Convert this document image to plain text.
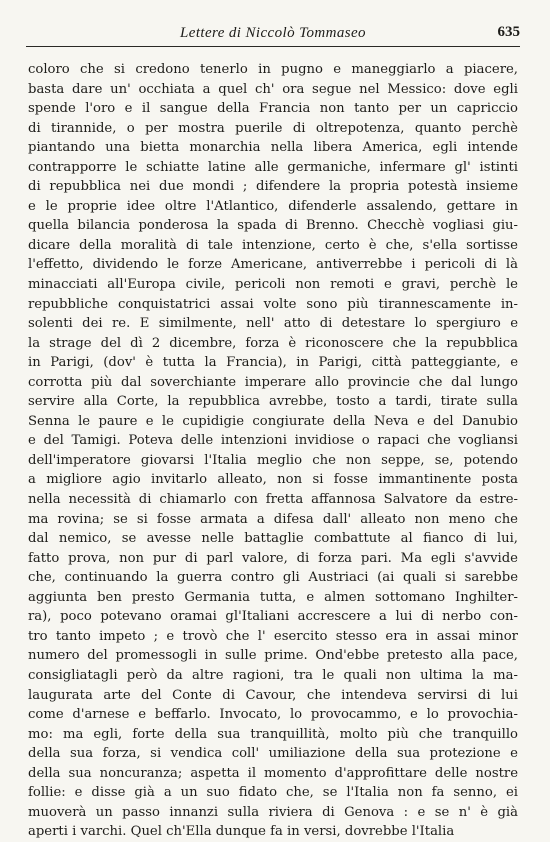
Lettere di Niccolò Tommaseo	635
coloro che si credono tenerlo in pugno e maneggiarlo a piacere,
basta dare un' occhiata a quel ch' ora segue nel Messico: dove egli
spende l'oro e il sangue della Francia non tanto per un capriccio
di tirannide, o per mostra puerile di oltrepotenza, quanto perchè
piantando una bietta monarchia nella libera America, egli intende
contrapporre le schiatte latine alle germaniche, infermare gl' istinti
di repubblica nei due mondi ; difendere la propria potestà insieme
e le proprie idee oltre l'Atlantico, difenderle assalendo, gettare in
quella bilancia ponderosa la spada di Brenno. Checchè vogliasi giu-
dicare della moralità di tale intenzione, certo è che, s'ella sortisse
l'effetto, dividendo le forze Americane, antiverrebbe i pericoli di là
minacciati all'Europa civile, pericoli non remoti e gravi, perchè le
repubbliche conquistatrici assai volte sono più tirannescamente in-
solenti dei re. E similmente, nell' atto di detestare lo spergiuro e
la strage del dì 2 dicembre, forza è riconoscere che la repubblica
in Parigi, (dov' è tutta la Francia), in Parigi, città patteggiante, e
corrotta più dal soverchiante imperare allo provincie che dal lungo
servire alla Corte, la repubblica avrebbe, tosto a tardi, tirate sulla
Senna le paure e le cupidigie congiurate della Neva e del Danubio
e del Tamigi. Poteva delle intenzioni invidiose o rapaci che vogliansi
dell'imperatore giovarsi l'Italia meglio che non seppe, se, potendo
a migliore agio invitarlo alleato, non si fosse immantinente posta
nella necessità di chiamarlo con fretta affannosa Salvatore da estre-
ma rovina; se si fosse armata a difesa dall' alleato non meno che
dal nemico, se avesse nelle battaglie combattute al fianco di lui,
fatto prova, non pur di parl valore, di forza pari. Ma egli s'avvide
che, continuando la guerra contro gli Austriaci (ai quali si sarebbe
aggiunta ben presto Germania tutta, e almen sottomano Inghilter-
ra), poco potevano oramai gl'Italiani accrescere a lui di nerbo con-
tro tanto impeto ; e trovò che l' esercito stesso era in assai minor
numero del promessogli in sulle prime. Ond'ebbe pretesto alla pace,
consigliatagli però da altre ragioni, tra le quali non ultima la ma-
laugurata arte del Conte di Cavour, che intendeva servirsi di lui
come d'arnese e beffarlo. Invocato, lo provocammo, e lo provochia-
mo: ma egli, forte della sua tranquillità, molto più che tranquillo
della sua forza, si vendica coll' umiliazione della sua protezione e
della sua noncuranza; aspetta il momento d'approfittare delle nostre
follie: e disse già a un suo fidato che, se l'Italia non fa senno, ei
muoverà un passo innanzi sulla riviera di Genova : e se n' è già
aperti i varchi. Quel ch'Ella dunque fa in versi, dovrebbe l'Italia
